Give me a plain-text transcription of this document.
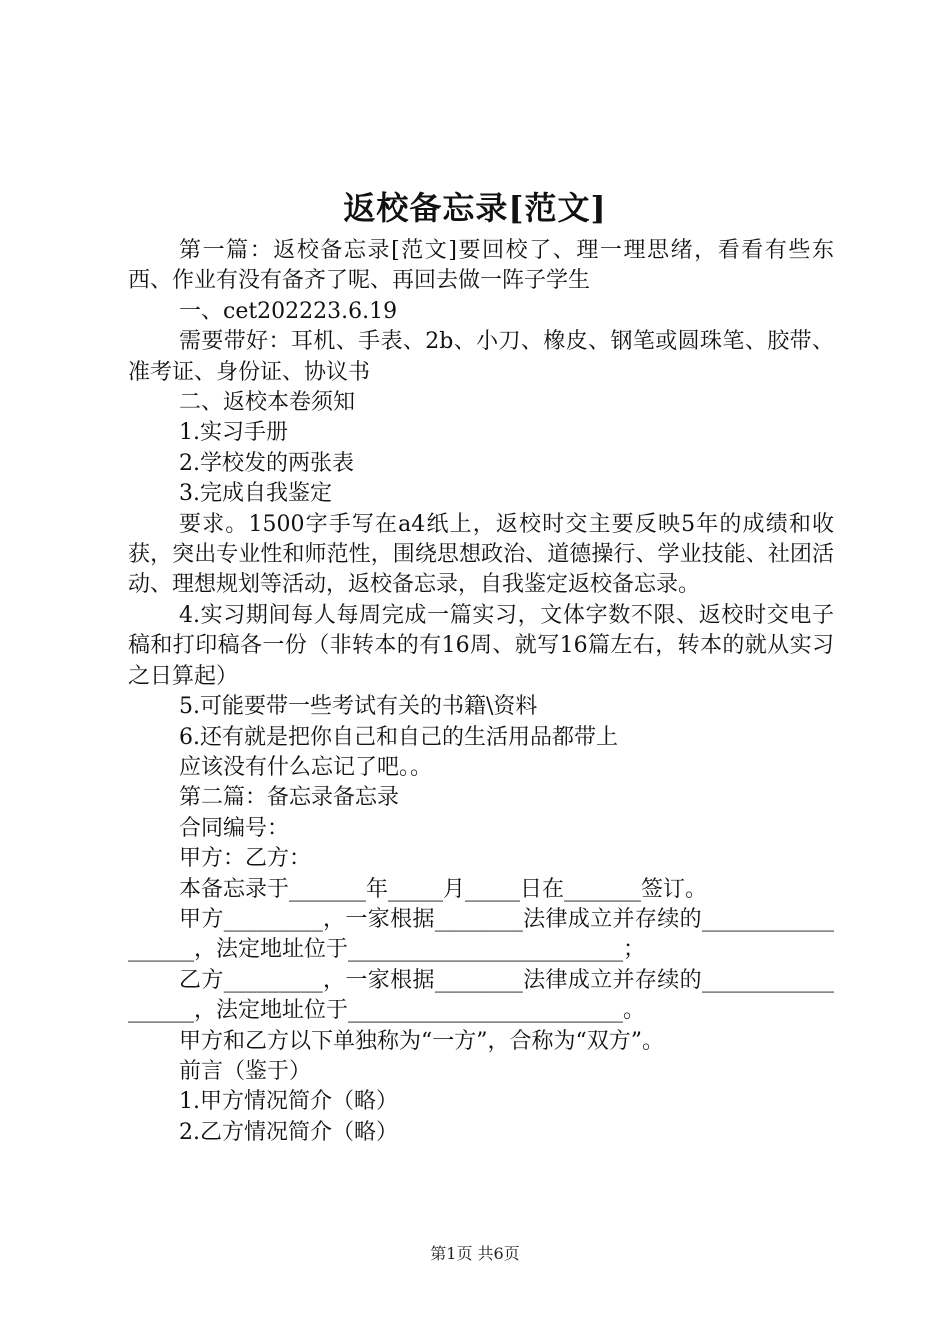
返校备忘录[范文]

第一篇：返校备忘录[范文]要回校了、理一理思绪，看看有些东西、作业有没有备齐了呢、再回去做一阵子学生

一、cet202223.6.19

需要带好：耳机、手表、2b、小刀、橡皮、钢笔或圆珠笔、胶带、准考证、身份证、协议书

二、返校本卷须知

1.实习手册

2.学校发的两张表

3.完成自我鉴定

要求。1500字手写在a4纸上，返校时交主要反映5年的成绩和收获，突出专业性和师范性，围绕思想政治、道德操行、学业技能、社团活动、理想规划等活动，返校备忘录，自我鉴定返校备忘录。

4.实习期间每人每周完成一篇实习，文体字数不限、返校时交电子稿和打印稿各一份（非转本的有16周、就写16篇左右，转本的就从实习之日算起）

5.可能要带一些考试有关的书籍\资料

6.还有就是把你自己和自己的生活用品都带上

应该没有什么忘记了吧。。

第二篇：备忘录备忘录

合同编号：

甲方：乙方：

本备忘录于_______年_____月_____日在_______签订。

甲方_________，一家根据________法律成立并存续的__________________，法定地址位于_________________________；

乙方_________，一家根据________法律成立并存续的__________________，法定地址位于_________________________。

甲方和乙方以下单独称为“一方”，合称为“双方”。

前言（鉴于）

1.甲方情况简介（略）

2.乙方情况简介（略）

第1页 共6页
